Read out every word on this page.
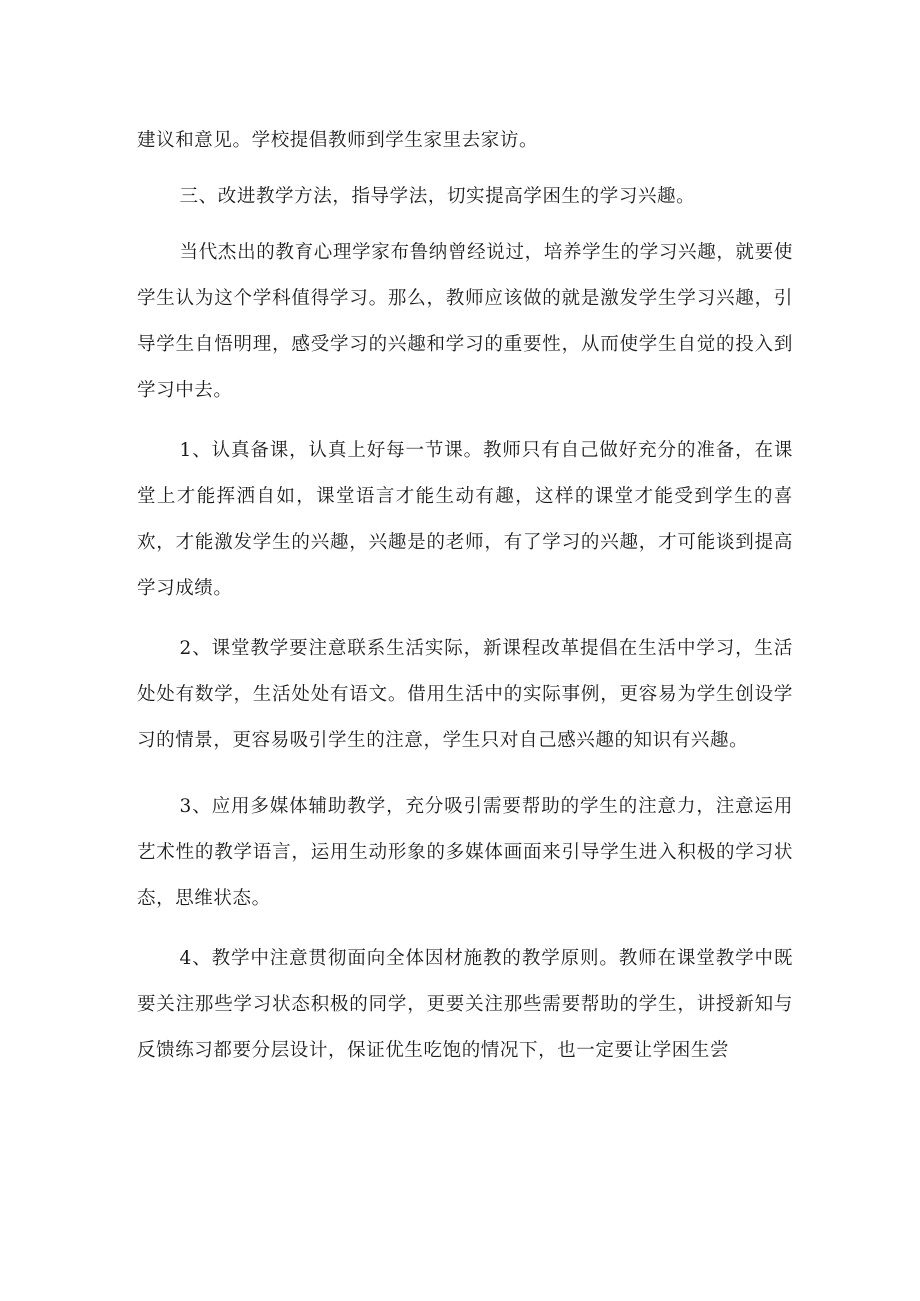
建议和意见。学校提倡教师到学生家里去家访。

三、改进教学方法，指导学法，切实提高学困生的学习兴趣。

当代杰出的教育心理学家布鲁纳曾经说过，培养学生的学习兴趣，就要使学生认为这个学科值得学习。那么，教师应该做的就是激发学生学习兴趣，引导学生自悟明理，感受学习的兴趣和学习的重要性，从而使学生自觉的投入到学习中去。

1、认真备课，认真上好每一节课。教师只有自己做好充分的准备，在课堂上才能挥洒自如，课堂语言才能生动有趣，这样的课堂才能受到学生的喜欢，才能激发学生的兴趣，兴趣是的老师，有了学习的兴趣，才可能谈到提高学习成绩。

2、课堂教学要注意联系生活实际，新课程改革提倡在生活中学习，生活处处有数学，生活处处有语文。借用生活中的实际事例，更容易为学生创设学习的情景，更容易吸引学生的注意，学生只对自己感兴趣的知识有兴趣。

3、应用多媒体辅助教学，充分吸引需要帮助的学生的注意力，注意运用艺术性的教学语言，运用生动形象的多媒体画面来引导学生进入积极的学习状态，思维状态。

4、教学中注意贯彻面向全体因材施教的教学原则。教师在课堂教学中既要关注那些学习状态积极的同学，更要关注那些需要帮助的学生，讲授新知与反馈练习都要分层设计，保证优生吃饱的情况下，也一定要让学困生尝
